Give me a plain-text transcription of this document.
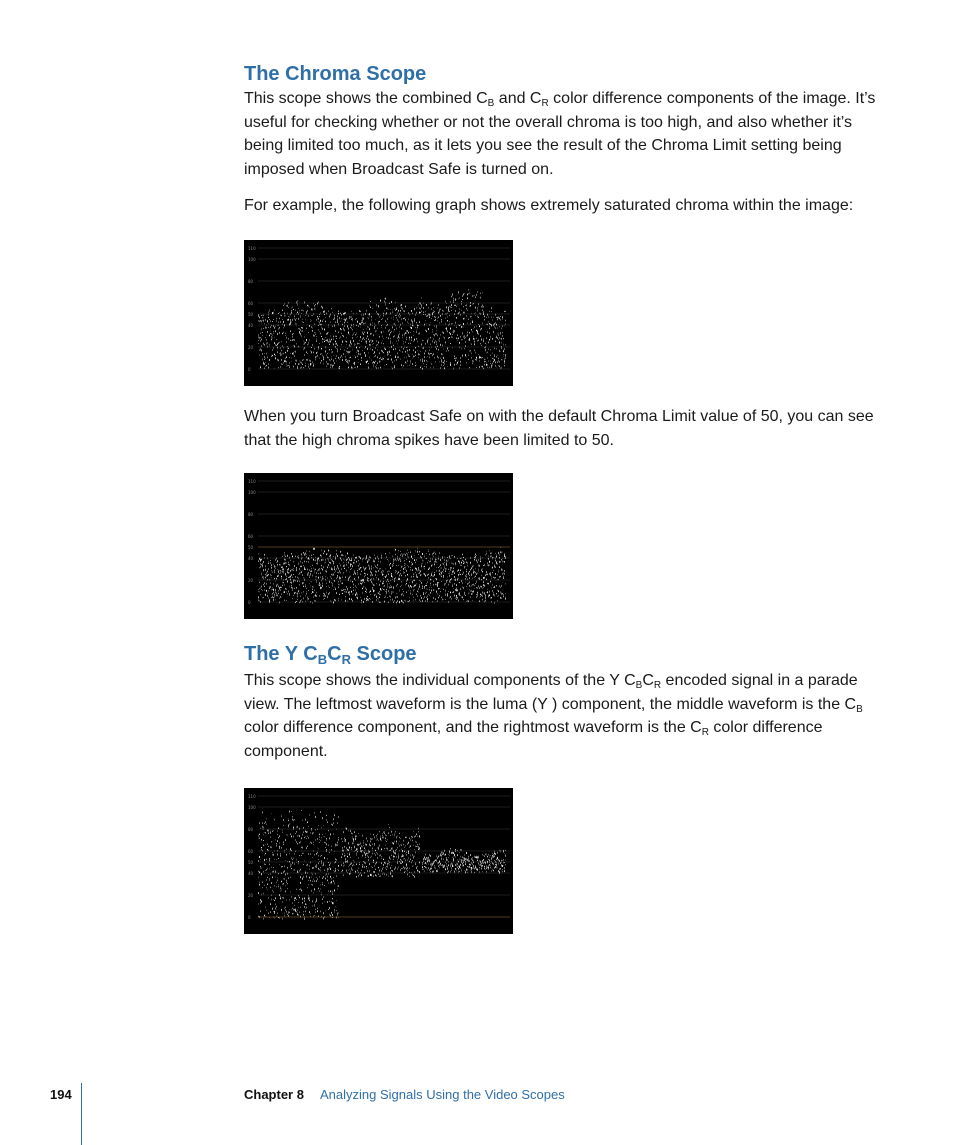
The Chroma Scope

This scope shows the combined $C_B$ and $C_R$ color difference components of the image. It’s useful for checking whether or not the overall chroma is too high, and also whether it’s being limited too much, as it lets you see the result of the Chroma Limit setting being imposed when Broadcast Safe is turned on.

For example, the following graph shows extremely saturated chroma within the image:

110
100
80
60
50
40
20
0

When you turn Broadcast Safe on with the default Chroma Limit value of 50, you can see that the high chroma spikes have been limited to 50.

110
100
80
60
50
40
20
0
The Y $C_BC_R$ Scope

This scope shows the individual components of the Y $C_BC_R$ encoded signal in a parade view. The leftmost waveform is the luma (Y ) component, the middle waveform is the $C_B$ color difference component, and the rightmost waveform is the $C_R$ color difference component.

110
100
80
60
50
40
20
0
194	Chapter 8 Analyzing Signals Using the Video Scopes
